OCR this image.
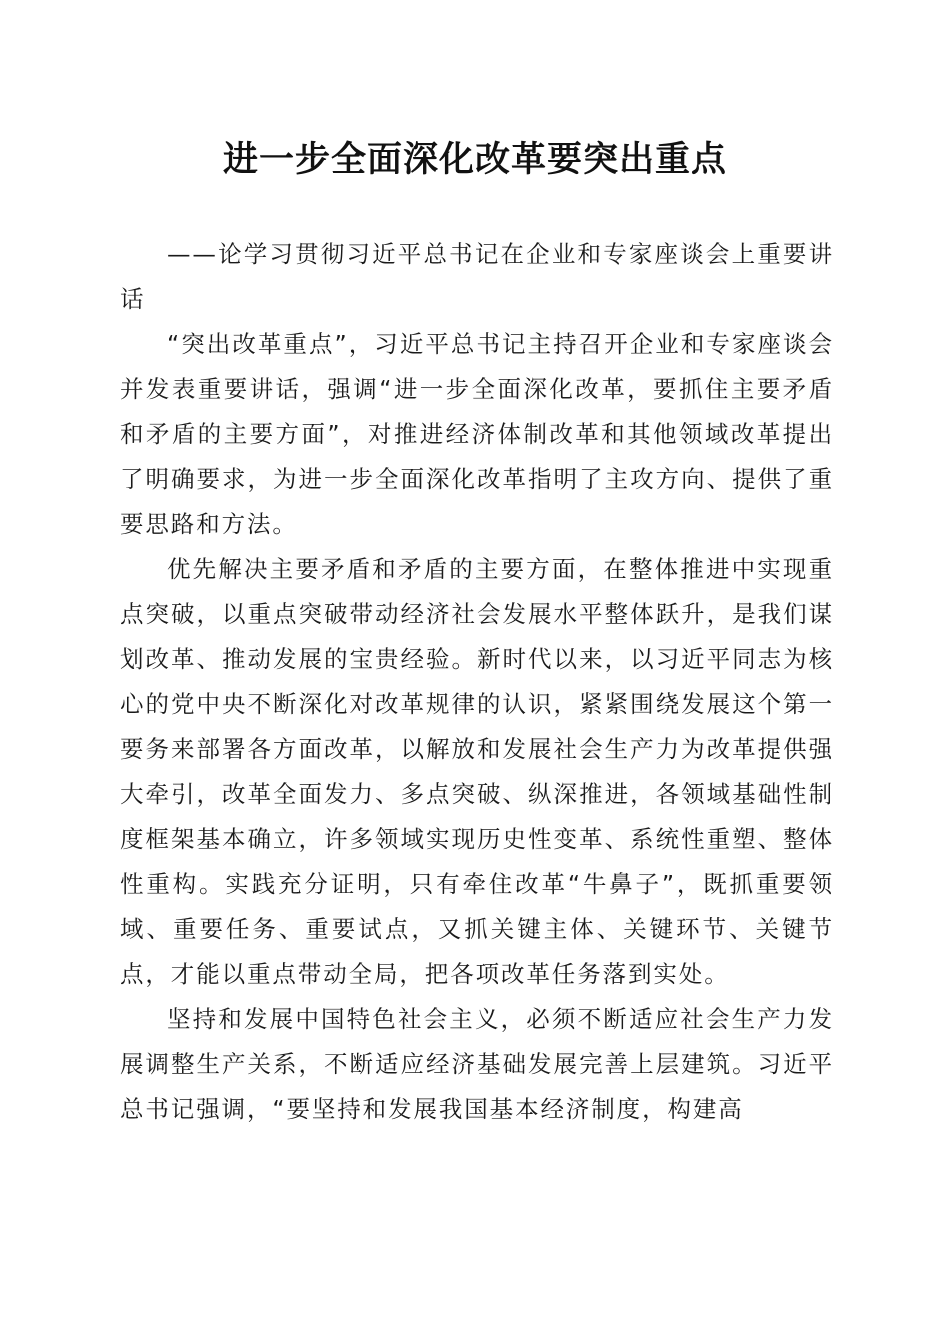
进一步全面深化改革要突出重点

——论学习贯彻习近平总书记在企业和专家座谈会上重要讲话

“突出改革重点”，习近平总书记主持召开企业和专家座谈会并发表重要讲话，强调“进一步全面深化改革，要抓住主要矛盾和矛盾的主要方面”，对推进经济体制改革和其他领域改革提出了明确要求，为进一步全面深化改革指明了主攻方向、提供了重要思路和方法。

优先解决主要矛盾和矛盾的主要方面，在整体推进中实现重点突破，以重点突破带动经济社会发展水平整体跃升，是我们谋划改革、推动发展的宝贵经验。新时代以来，以习近平同志为核心的党中央不断深化对改革规律的认识，紧紧围绕发展这个第一要务来部署各方面改革，以解放和发展社会生产力为改革提供强大牵引，改革全面发力、多点突破、纵深推进，各领域基础性制度框架基本确立，许多领域实现历史性变革、系统性重塑、整体性重构。实践充分证明，只有牵住改革“牛鼻子”，既抓重要领域、重要任务、重要试点，又抓关键主体、关键环节、关键节点，才能以重点带动全局，把各项改革任务落到实处。

坚持和发展中国特色社会主义，必须不断适应社会生产力发展调整生产关系，不断适应经济基础发展完善上层建筑。习近平总书记强调，“要坚持和发展我国基本经济制度，构建高
